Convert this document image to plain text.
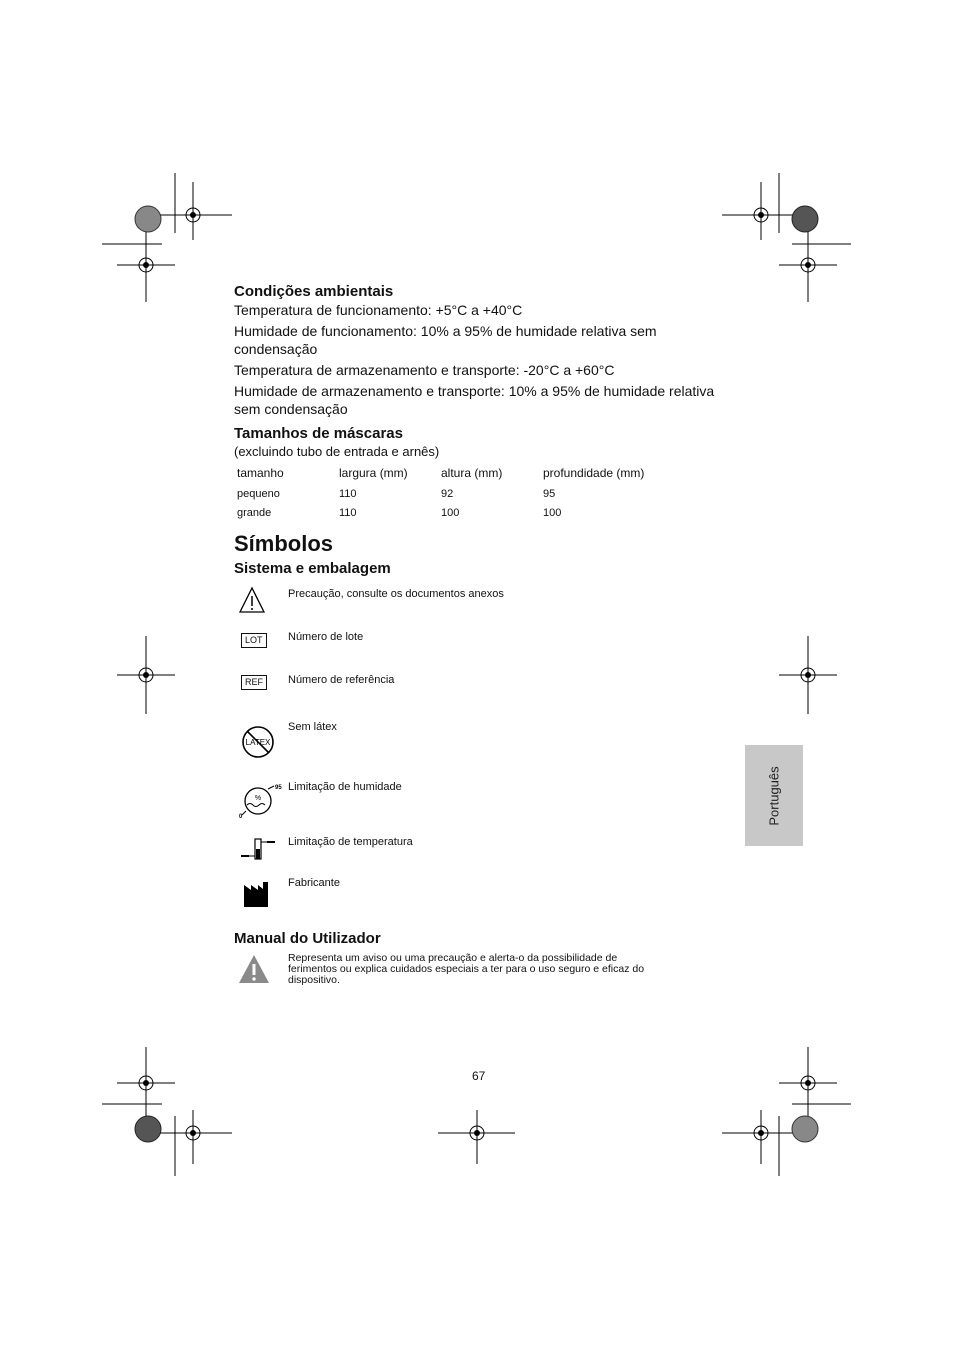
Condições ambientais
Temperatura de funcionamento: +5°C a +40°C
Humidade de funcionamento: 10% a 95% de humidade relativa sem
condensação
Temperatura de armazenamento e transporte: -20°C a +60°C
Humidade de armazenamento e transporte: 10% a 95% de humidade relativa
sem condensação
Tamanhos de máscaras
(excluindo tubo de entrada e arnês)
tamanho	largura (mm)	altura (mm)	profundidade (mm)
pequeno	110	92	95
grande	110	100	100
Símbolos
Sistema e embalagem
Precaução, consulte os documentos anexos
LOT	Número de lote
REF	Número de referência
LATEX
Sem látex
%
95
0
Limitação de humidade
Limitação de temperatura
Fabricante
Manual do Utilizador
Representa um aviso ou uma precaução e alerta-o da possibilidade de
ferimentos ou explica cuidados especiais a ter para o uso seguro e eficaz do
dispositivo.
Português
67
